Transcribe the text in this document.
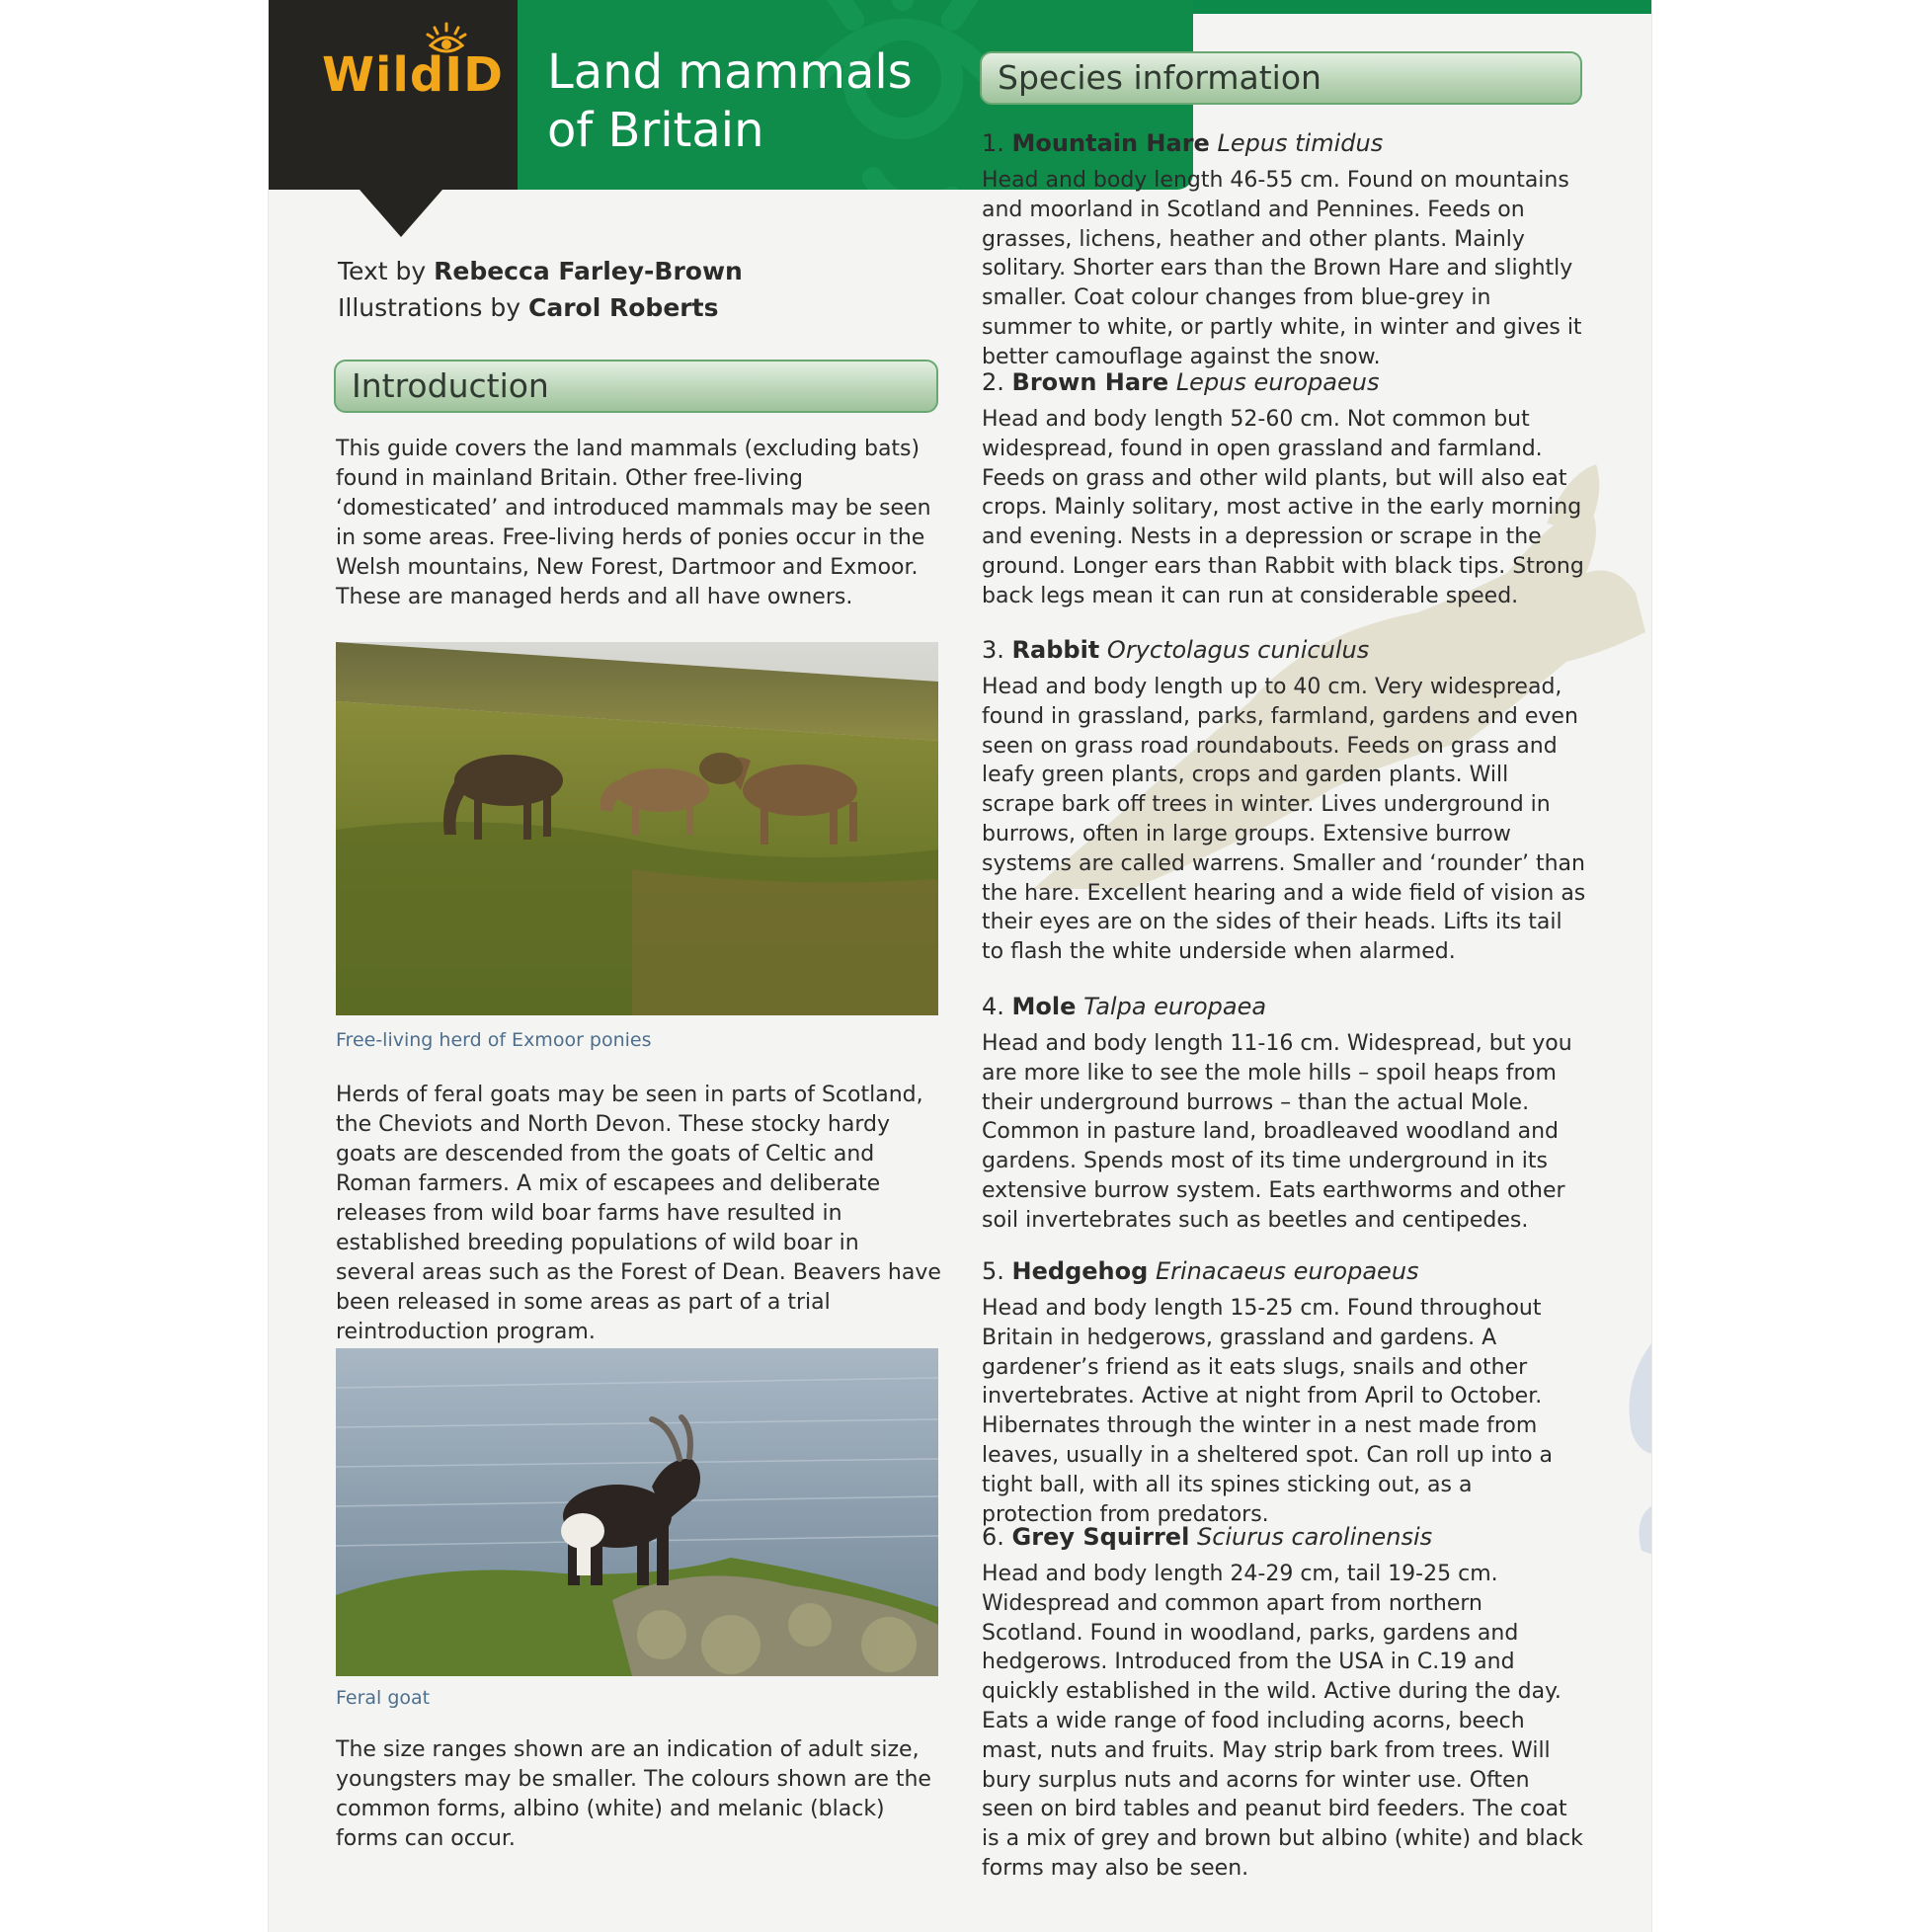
WildID Land mammals
of Britain
Text by Rebecca Farley-Brown
Illustrations by Carol Roberts
Introduction

This guide covers the land mammals (excluding bats) found in mainland Britain. Other free-living ‘domesticated’ and introduced mammals may be seen in some areas. Free-living herds of ponies occur in the Welsh mountains, New Forest, Dartmoor and Exmoor. These are managed herds and all have owners.

Free-living herd of Exmoor ponies

Herds of feral goats may be seen in parts of Scotland, the Cheviots and North Devon. These stocky hardy goats are descended from the goats of Celtic and Roman farmers. A mix of escapees and deliberate releases from wild boar farms have resulted in established breeding populations of wild boar in several areas such as the Forest of Dean. Beavers have been released in some areas as part of a trial reintroduction program.

Feral goat

The size ranges shown are an indication of adult size, youngsters may be smaller. The colours shown are the common forms, albino (white) and melanic (black) forms can occur.

Species information

1. Mountain Hare Lepus timidus

Head and body length 46-55 cm. Found on mountains and moorland in Scotland and Pennines. Feeds on grasses, lichens, heather and other plants. Mainly solitary. Shorter ears than the Brown Hare and slightly smaller. Coat colour changes from blue-grey in summer to white, or partly white, in winter and gives it better camouflage against the snow.

2. Brown Hare Lepus europaeus

Head and body length 52-60 cm. Not common but widespread, found in open grassland and farmland. Feeds on grass and other wild plants, but will also eat crops. Mainly solitary, most active in the early morning and evening. Nests in a depression or scrape in the ground. Longer ears than Rabbit with black tips. Strong back legs mean it can run at considerable speed.

3. Rabbit Oryctolagus cuniculus

Head and body length up to 40 cm. Very widespread, found in grassland, parks, farmland, gardens and even seen on grass road roundabouts. Feeds on grass and leafy green plants, crops and garden plants. Will scrape bark off trees in winter. Lives underground in burrows, often in large groups. Extensive burrow systems are called warrens. Smaller and ‘rounder’ than the hare. Excellent hearing and a wide field of vision as their eyes are on the sides of their heads. Lifts its tail to flash the white underside when alarmed.

4. Mole Talpa europaea

Head and body length 11-16 cm. Widespread, but you are more like to see the mole hills – spoil heaps from their underground burrows – than the actual Mole. Common in pasture land, broadleaved woodland and gardens. Spends most of its time underground in its extensive burrow system. Eats earthworms and other soil invertebrates such as beetles and centipedes.

5. Hedgehog Erinacaeus europaeus

Head and body length 15-25 cm. Found throughout Britain in hedgerows, grassland and gardens. A gardener’s friend as it eats slugs, snails and other invertebrates. Active at night from April to October. Hibernates through the winter in a nest made from leaves, usually in a sheltered spot. Can roll up into a tight ball, with all its spines sticking out, as a protection from predators.

6. Grey Squirrel Sciurus carolinensis

Head and body length 24-29 cm, tail 19-25 cm. Widespread and common apart from northern Scotland. Found in woodland, parks, gardens and hedgerows. Introduced from the USA in C.19 and quickly established in the wild. Active during the day. Eats a wide range of food including acorns, beech mast, nuts and fruits. May strip bark from trees. Will bury surplus nuts and acorns for winter use. Often seen on bird tables and peanut bird feeders. The coat is a mix of grey and brown but albino (white) and black forms may also be seen.
